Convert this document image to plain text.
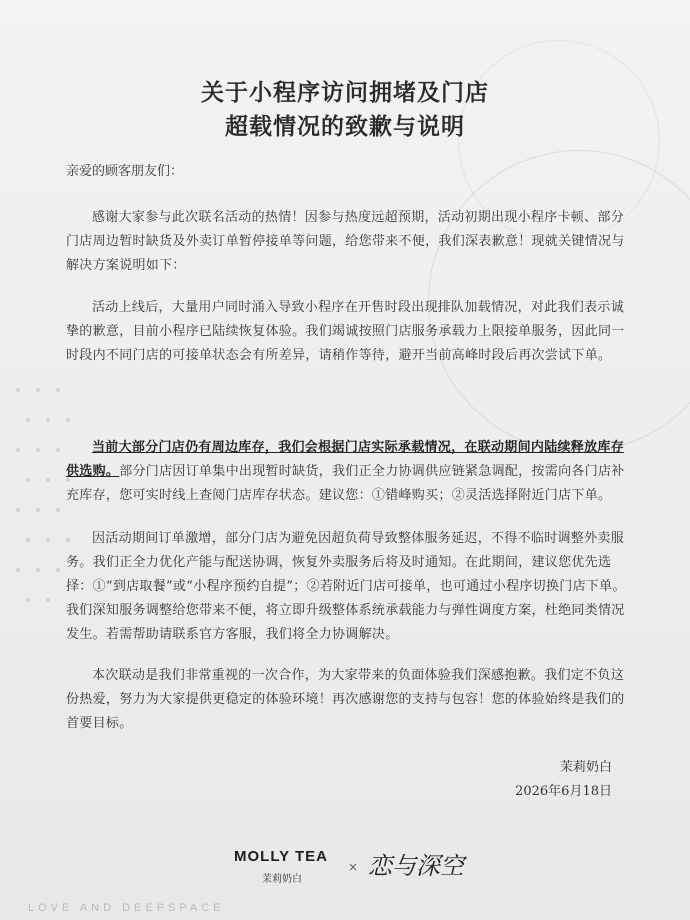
关于小程序访问拥堵及门店
超载情况的致歉与说明
亲爱的顾客朋友们：
感谢大家参与此次联名活动的热情！因参与热度远超预期，活动初期出现小程序卡顿、部分门店周边暂时缺货及外卖订单暂停接单等问题，给您带来不便，我们深表歉意！现就关键情况与解决方案说明如下：
活动上线后，大量用户同时涌入导致小程序在开售时段出现排队加载情况，对此我们表示诚挚的歉意，目前小程序已陆续恢复体验。我们竭诚按照门店服务承载力上限接单服务，因此同一时段内不同门店的可接单状态会有所差异，请稍作等待，避开当前高峰时段后再次尝试下单。
当前大部分门店仍有周边库存，我们会根据门店实际承载情况，在联动期间内陆续释放库存供选购。部分门店因订单集中出现暂时缺货，我们正全力协调供应链紧急调配，按需向各门店补充库存，您可实时线上查阅门店库存状态。建议您：①错峰购买；②灵活选择附近门店下单。
因活动期间订单激增，部分门店为避免因超负荷导致整体服务延迟，不得不临时调整外卖服务。我们正全力优化产能与配送协调，恢复外卖服务后将及时通知。在此期间，建议您优先选择：①“到店取餐”或“小程序预约自提”；②若附近门店可接单，也可通过小程序切换门店下单。我们深知服务调整给您带来不便，将立即升级整体系统承载能力与弹性调度方案，杜绝同类情况发生。若需帮助请联系官方客服，我们将全力协调解决。
本次联动是我们非常重视的一次合作，为大家带来的负面体验我们深感抱歉。我们定不负这份热爱，努力为大家提供更稳定的体验环境！再次感谢您的支持与包容！您的体验始终是我们的首要目标。
茉莉奶白
2026年6月18日
MOLLY TEA
茉莉奶白
× 恋与深空
LOVE AND DEEPSPACE
